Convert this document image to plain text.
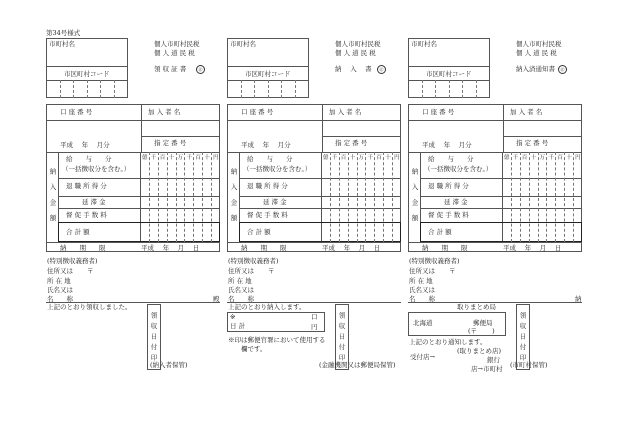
第34号様式
市町村名
市区町村コード
個人市町村民税
個 人 道 民 税
領 収 証 書	㊟
口 座 番 号	加 入 者 名
平成　 年　 月分	指 定 番 号
納入金額
給　　与　　分
（一括徴収分を含む。）
退 職 所 得 分
延 滞 金
督 促 手 数 料
合 計 額
億 千 百 十 万 千 百 十 円
納　　期　　限	平成　 年　 月　 日
(特別徴収義務者)
住所又は 〒
所 在 地
氏名又は
名　　称
市町村名
市区町村コード
個人市町村民税
個 人 道 民 税
納　 入　 書	㊟
口 座 番 号	加 入 者 名
平成　 年　 月分	指 定 番 号
納入金額
給　　与　　分
（一括徴収分を含む。）
退 職 所 得 分
延 滞 金
督 促 手 数 料
合 計 額
億 千 百 十 万 千 百 十 円
納　　期　　限	平成　 年　 月　 日
(特別徴収義務者)
住所又は 〒
所 在 地
氏名又は
名　　称
市町村名
市区町村コード
個人市町村民税
個 人 道 民 税
納入済通知書	㊟
口 座 番 号	加 入 者 名
平成　 年　 月分	指 定 番 号
納入金額
給　　与　　分
（一括徴収分を含む。）
退 職 所 得 分
延 滞 金
督 促 手 数 料
合 計 額
億 千 百 十 万 千 百 十 円
納　　期　　限	平成　 年　 月　 日
(特別徴収義務者)
住所又は 〒
所 在 地
氏名又は
名　　称
殿
上記のとおり領収しました。
領収日付印
(納入者保管)
上記のとおり納入します。
※
日 計
口
円
※印は郵便官署において使用する
欄です。	領収日付印
(金融機関又は郵便局保管)
納
取りまとめ局
北海道	郵便局
(〒　　 )
上記のとおり通知します。
受付店→
(取りまとめ店)
銀行
店→市町村
領収日付印
(市町村保管)
